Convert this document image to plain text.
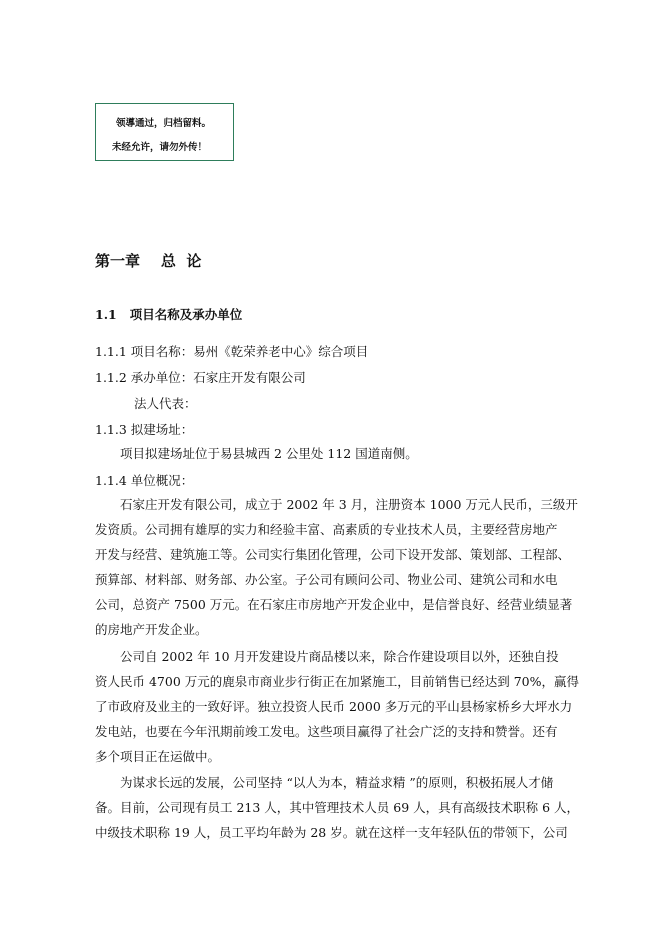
领導通过，归档留料。
未经允许，请勿外传！
第一章    总  论
1.1   项目名称及承办单位
1.1.1 项目名称：易州《乾荣养老中心》综合项目
1.1.2 承办单位：石家庄开发有限公司
法人代表：
1.1.3 拟建场址：
项目拟建场址位于易县城西 2 公里处 112 国道南侧。
1.1.4 单位概况：
石家庄开发有限公司，成立于 2002 年 3 月，注册资本 1000 万元人民币，三级开
发资质。公司拥有雄厚的实力和经验丰富、高素质的专业技术人员，主要经营房地产
开发与经营、建筑施工等。公司实行集团化管理，公司下设开发部、策划部、工程部、
预算部、材料部、财务部、办公室。子公司有顾问公司、物业公司、建筑公司和水电
公司，总资产 7500 万元。在石家庄市房地产开发企业中，是信誉良好、经营业绩显著
的房地产开发企业。
公司自 2002 年 10 月开发建设片商品楼以来，除合作建设项目以外，还独自投
资人民币 4700 万元的鹿泉市商业步行街正在加紧施工，目前销售已经达到 70%，赢得
了市政府及业主的一致好评。独立投资人民币 2000 多万元的平山县杨家桥乡大坪水力
发电站，也要在今年汛期前竣工发电。这些项目赢得了社会广泛的支持和赞誉。还有
多个项目正在运做中。
为谋求长远的发展，公司坚持 “以人为本，精益求精 ”的原则，积极拓展人才储
备。目前，公司现有员工 213 人，其中管理技术人员 69 人，具有高级技术职称 6 人，
中级技术职称 19 人，员工平均年龄为 28 岁。就在这样一支年轻队伍的带领下，公司
